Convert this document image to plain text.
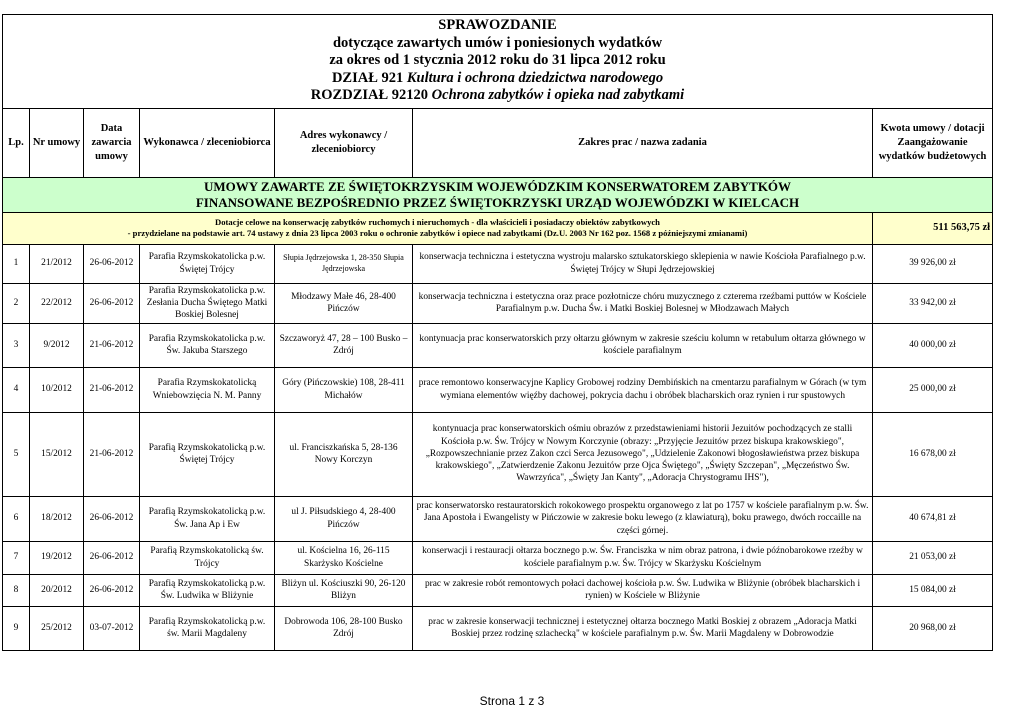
SPRAWOZDANIE
dotyczące zawartych umów i poniesionych wydatków
za okres od 1 stycznia 2012 roku do 31 lipca 2012 roku
DZIAŁ 921 Kultura i ochrona dziedzictwa narodowego
ROZDZIAŁ 92120 Ochrona zabytków i opieka nad zabytkami						

Lp.	Nr umowy	Data zawarcia umowy	Wykonawca / zleceniobiorca	Adres wykonawcy / zleceniobiorcy	Zakres prac / nazwa zadania	Kwota umowy / dotacji Zaangażowanie wydatków budżetowych

UMOWY ZAWARTE ZE ŚWIĘTOKRZYSKIM WOJEWÓDZKIM KONSERWATOREM ZABYTKÓW
FINANSOWANE BEZPOŚREDNIO PRZEZ ŚWIĘTOKRZYSKI URZĄD WOJEWÓDZKI W KIELCACH						

Dotacje celowe na konserwację zabytków ruchomych i nieruchomych - dla właścicieli i posiadaczy obiektów zabytkowych
- przydzielane na podstawie art. 74 ustawy z dnia 23 lipca 2003 roku o ochronie zabytków i opiece nad zabytkami (Dz.U. 2003 Nr 162 poz. 1568 z późniejszymi zmianami)						511 563,75 zł
1	21/2012	26-06-2012	Parafia Rzymskokatolicka p.w. Świętej Trójcy	Słupia Jędrzejowska 1, 28-350 Słupia Jędrzejowska	konserwacja techniczna i estetyczna wystroju malarsko sztukatorskiego sklepienia w nawie Kościoła Parafialnego p.w. Świętej Trójcy w Słupi Jędrzejowskiej	39 926,00 zł
2	22/2012	26-06-2012	Parafia Rzymskokatolicka p.w. Zesłania Ducha Świętego Matki Boskiej Bolesnej	Młodzawy Małe 46, 28-400 Pińczów	konserwacja techniczna i estetyczna oraz prace pozłotnicze chóru muzycznego z czterema rzeźbami puttów w Kościele Parafialnym p.w. Ducha Św. i Matki Boskiej Bolesnej w Młodzawach Małych	33 942,00 zł
3	9/2012	21-06-2012	Parafia Rzymskokatolicka p.w. Św. Jakuba Starszego	Szczaworyż 47, 28 – 100 Busko – Zdrój	kontynuacja prac konserwatorskich przy ołtarzu głównym w zakresie sześciu kolumn w retabulum ołtarza głównego w kościele parafialnym	40 000,00 zł
4	10/2012	21-06-2012	Parafia Rzymskokatolicką Wniebowzięcia N. M. Panny	Góry (Pińczowskie) 108, 28-411 Michałów	prace remontowo konserwacyjne Kaplicy Grobowej rodziny Dembińskich na cmentarzu parafialnym w Górach (w tym wymiana elementów więźby dachowej, pokrycia dachu i obróbek blacharskich oraz rynien i rur spustowych	25 000,00 zł
5	15/2012	21-06-2012	Parafią Rzymskokatolicką p.w. Świętej Trójcy	ul. Franciszkańska 5, 28-136 Nowy Korczyn	kontynuacja prac konserwatorskich ośmiu obrazów z przedstawieniami historii Jezuitów pochodzących ze stalli Kościoła p.w. Św. Trójcy w Nowym Korczynie (obrazy: „Przyjęcie Jezuitów przez biskupa krakowskiego", „Rozpowszechnianie przez Zakon czci Serca Jezusowego", „Udzielenie Zakonowi błogosławieństwa przez biskupa krakowskiego", „Zatwierdzenie Zakonu Jezuitów prze Ojca Świętego", „Święty Szczepan", „Męczeństwo Św. Wawrzyńca", „Święty Jan Kanty", „Adoracja Chrystogramu IHS"),	16 678,00 zł
6	18/2012	26-06-2012	Parafią Rzymskokatolicką p.w. Św. Jana Ap i Ew	ul J. Piłsudskiego 4, 28-400 Pińczów	prac konserwatorsko restauratorskich rokokowego prospektu organowego z lat po 1757 w kościele parafialnym p.w. Św. Jana Apostoła i Ewangelisty w Pińczowie w zakresie boku lewego (z klawiaturą), boku prawego, dwóch roccaille na części górnej.	40 674,81 zł
7	19/2012	26-06-2012	Parafią Rzymskokatolicką św. Trójcy	ul. Kościelna 16, 26-115 Skarżysko Kościelne	konserwacji i restauracji ołtarza bocznego p.w. Św. Franciszka w nim obraz patrona, i dwie późnobarokowe rzeźby w kościele parafialnym p.w. Św. Trójcy w Skarżysku Kościelnym	21 053,00 zł
8	20/2012	26-06-2012	Parafią Rzymskokatolicką p.w. Św. Ludwika w Bliżynie	Bliżyn ul. Kościuszki 90, 26-120 Bliżyn	prac w zakresie robót remontowych połaci dachowej kościoła p.w. Św. Ludwika w Bliżynie (obróbek blacharskich i rynien) w Kościele w Bliżynie	15 084,00 zł
9	25/2012	03-07-2012	Parafią Rzymskokatolicką p.w. św. Marii Magdaleny	Dobrowoda 106, 28-100 Busko Zdrój	prac w zakresie konserwacji technicznej i estetycznej ołtarza bocznego Matki Boskiej z obrazem „Adoracja Matki Boskiej przez rodzinę szlachecką" w kościele parafialnym p.w. Św. Marii Magdaleny w Dobrowodzie	20 968,00 zł
Strona 1 z 3
